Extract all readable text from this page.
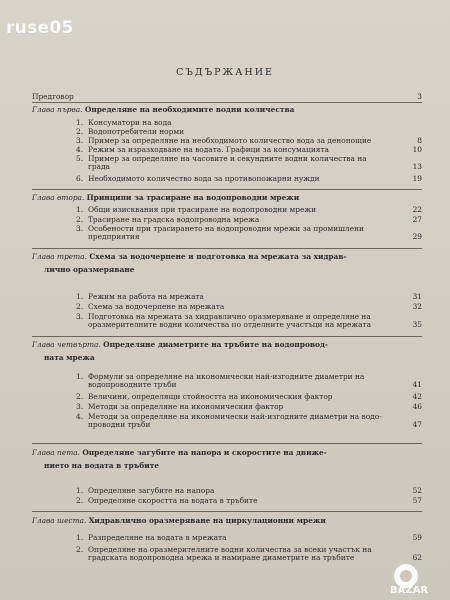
ruse05
СЪДЪРЖАНИЕ
Предговор	3
Глава първа. Определяне на необходимите водни количества
1. Консуматори на вода
2. Водопотребители норми
3. Пример за определяне на необходимото количество вода за денонощие	8
4. Режим за изразходване на водата. Графици за консумацията	10
5. Пример за определяне на часовите и секундните водни количества на
града	13
6. Необходимото количество вода за противопожарни нужди	19
Глава втора. Принципи за трасиране на водопроводни мрежи
1. Общи изисквания при трасиране на водопроводни мрежи	22
2. Трасиране на градска водопроводна мрежа	27
3. Особености при трасирането на водопроводни мрежи за промишлени
предприятия	29
Глава трета. Схема за водочерпене и подготовка на мрежата за хидрав-
лично оразмеряване
1. Режим на работа на мрежата	31
2. Схема за водочерпене на мрежата	32
3. Подготовка на мрежата за хидравлично оразмеряване и определяне на
оразмерителните водни количества по отделните участъци на мрежата	35
Глава четвърта. Определяне диаметрите на тръбите на водопровод-
ната мрежа
1. Формули за определяне на икономически най-изгодните диаметри на
водопроводните тръби	41
2. Величини, определящи стойността на икономическия фактор	42
3. Методи за определяне на икономическия фактор	46
4. Методи за определяне на икономически най-изгодните диаметри на водо-
проводни тръби	47
Глава пета. Определяне загубите на напора и скоростите на движе-
нието на водата в тръбите
1. Определяне загубите на напора	52
2. Определяне скоростта на водата в тръбите	57
Глава шеста. Хидравлично оразмеряване на циркулационни мрежи
1. Разпределяне на водата в мрежата	59
2. Определяне на оразмерителните водни количества за всеки участък на
градската водопроводна мрежа и намиране диаметрите на тръбите	62
BAZAR
